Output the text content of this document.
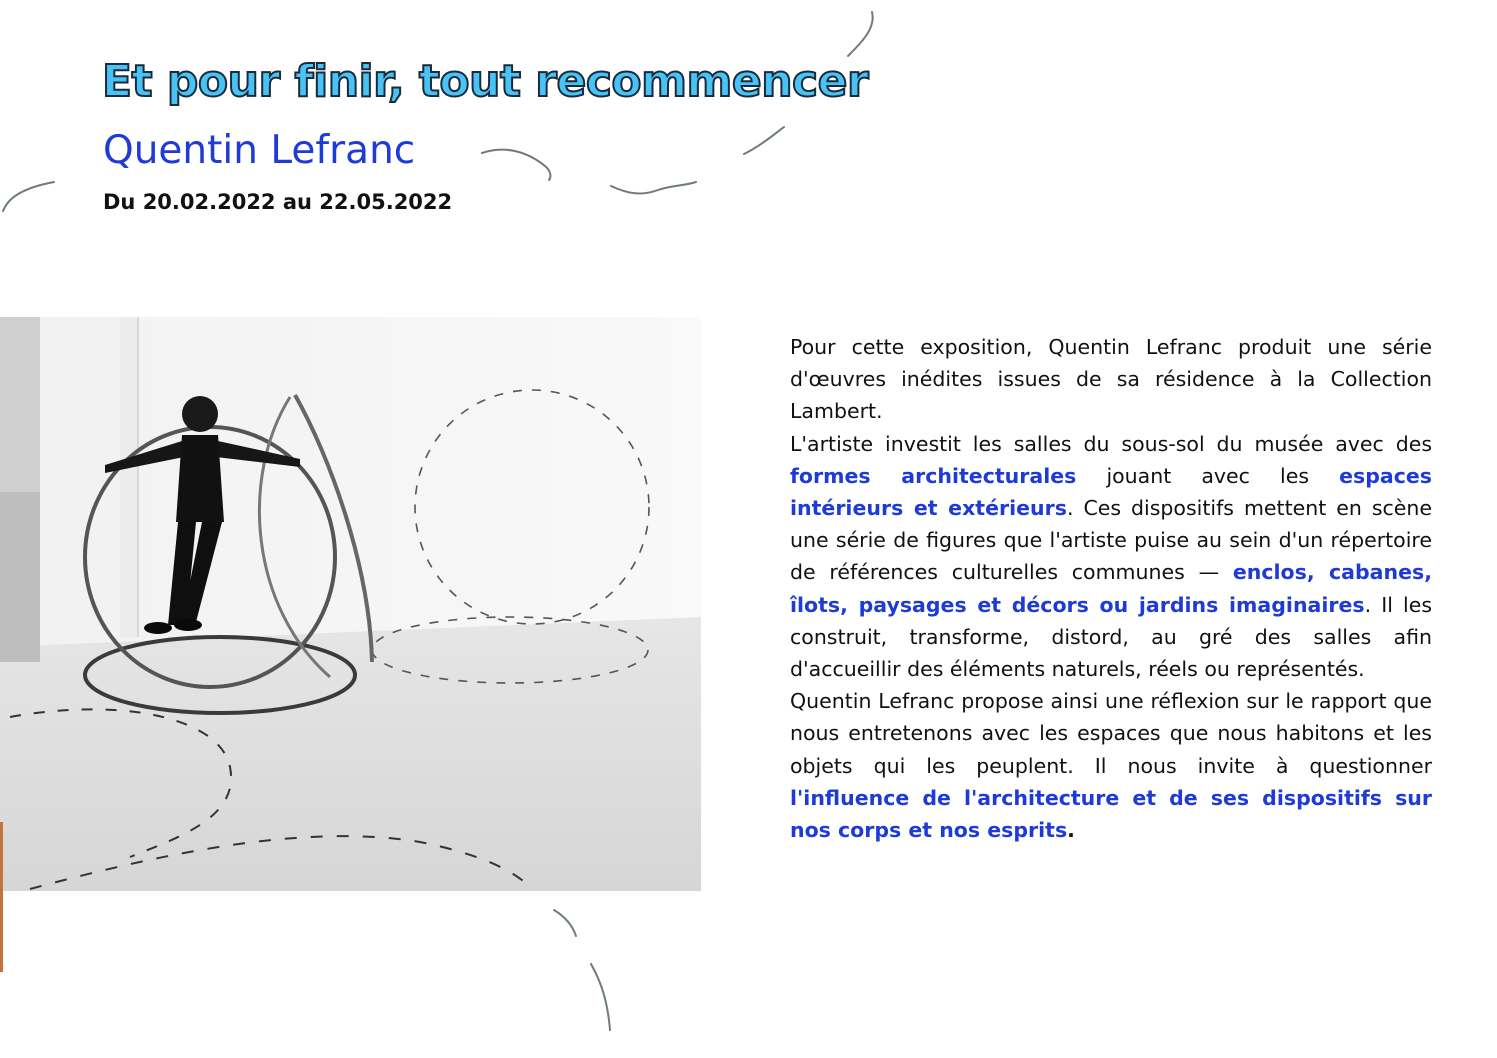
Et pour finir, tout recommencer
Quentin Lefranc

Du 20.02.2022 au 22.05.2022

Pour cette exposition, Quentin Lefranc produit une série d'œuvres inédites issues de sa résidence à la Collection Lambert.

L'artiste investit les salles du sous-sol du musée avec des formes architecturales jouant avec les espaces intérieurs et extérieurs. Ces dispositifs mettent en scène une série de figures que l'artiste puise au sein d'un répertoire de références culturelles communes — enclos, cabanes, îlots, paysages et décors ou jardins imaginaires. Il les construit, transforme, distord, au gré des salles afin d'accueillir des éléments naturels, réels ou représentés.

Quentin Lefranc propose ainsi une réflexion sur le rapport que nous entretenons avec les espaces que nous habitons et les objets qui les peuplent. Il nous invite à questionner l'influence de l'architecture et de ses dispositifs sur nos corps et nos esprits.
